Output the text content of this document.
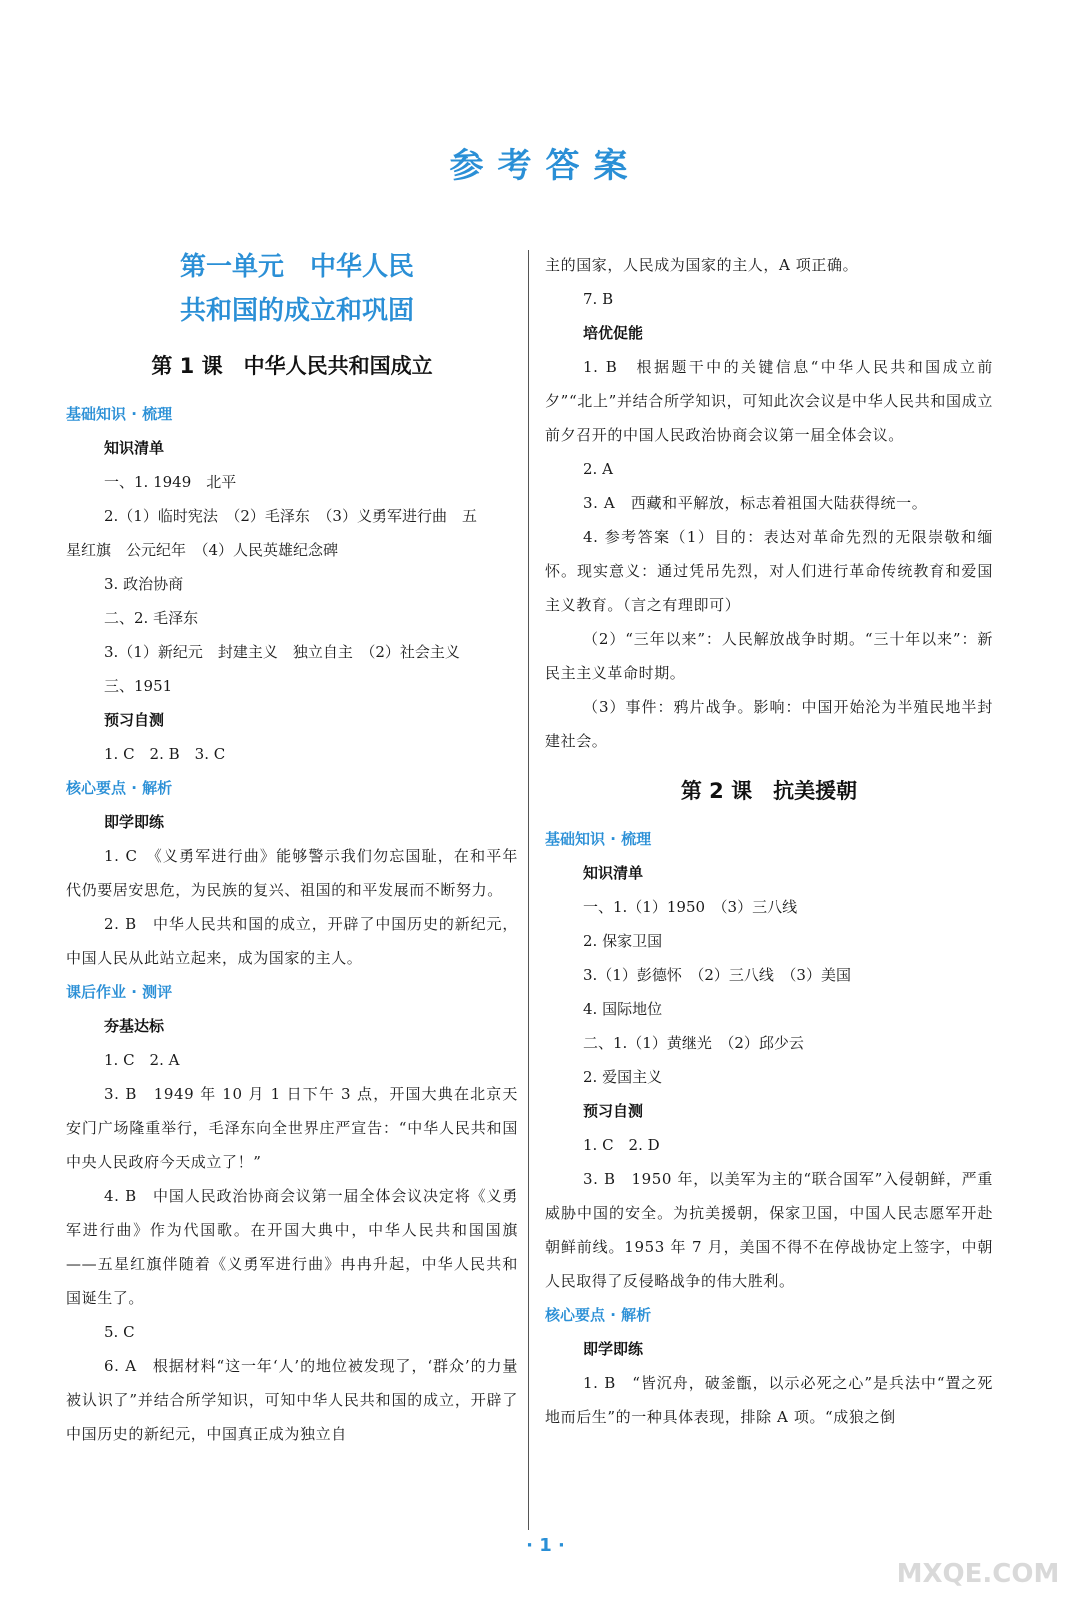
参考答案
第一单元　中华人民
共和国的成立和巩固
第 1 课　中华人民共和国成立
基础知识 · 梳理
知识清单
一、1. 1949　北平
2.（1）临时宪法　（2）毛泽东　（3）义勇军进行曲　五
星红旗　公元纪年　（4）人民英雄纪念碑
3. 政治协商
二、2. 毛泽东
3.（1）新纪元　封建主义　独立自主　（2）社会主义
三、1951
预习自测
1. C　2. B　3. C
核心要点 · 解析
即学即练
1. C　《义勇军进行曲》能够警示我们勿忘国耻，在和平年代仍要居安思危，为民族的复兴、祖国的和平发展而不断努力。
2. B　中华人民共和国的成立，开辟了中国历史的新纪元，中国人民从此站立起来，成为国家的主人。
课后作业 · 测评
夯基达标
1. C　2. A
3. B　1949 年 10 月 1 日下午 3 点，开国大典在北京天安门广场隆重举行，毛泽东向全世界庄严宣告：“中华人民共和国中央人民政府今天成立了！”
4. B　中国人民政治协商会议第一届全体会议决定将《义勇军进行曲》作为代国歌。在开国大典中，中华人民共和国国旗——五星红旗伴随着《义勇军进行曲》冉冉升起，中华人民共和国诞生了。
5. C
6. A　根据材料“这一年‘人’的地位被发现了，‘群众’的力量被认识了”并结合所学知识，可知中华人民共和国的成立，开辟了中国历史的新纪元，中国真正成为独立自
主的国家，人民成为国家的主人，A 项正确。
7. B
培优促能
1. B　根据题干中的关键信息“中华人民共和国成立前夕”“北上”并结合所学知识，可知此次会议是中华人民共和国成立前夕召开的中国人民政治协商会议第一届全体会议。
2. A
3. A　西藏和平解放，标志着祖国大陆获得统一。
4. 参考答案（1）目的：表达对革命先烈的无限崇敬和缅怀。现实意义：通过凭吊先烈，对人们进行革命传统教育和爱国主义教育。（言之有理即可）
（2）“三年以来”：人民解放战争时期。“三十年以来”：新民主主义革命时期。
（3）事件：鸦片战争。影响：中国开始沦为半殖民地半封建社会。
第 2 课　抗美援朝
基础知识 · 梳理
知识清单
一、1.（1）1950　（3）三八线
2. 保家卫国
3.（1）彭德怀　（2）三八线　（3）美国
4. 国际地位
二、1.（1）黄继光　（2）邱少云
2. 爱国主义
预习自测
1. C　2. D
3. B　1950 年，以美军为主的“联合国军”入侵朝鲜，严重威胁中国的安全。为抗美援朝，保家卫国，中国人民志愿军开赴朝鲜前线。1953 年 7 月，美国不得不在停战协定上签字，中朝人民取得了反侵略战争的伟大胜利。
核心要点 · 解析
即学即练
1. B　“皆沉舟，破釜甑，以示必死之心”是兵法中“置之死地而后生”的一种具体表现，排除 A 项。“成狼之倒
· 1 ·
MXQE.COM
